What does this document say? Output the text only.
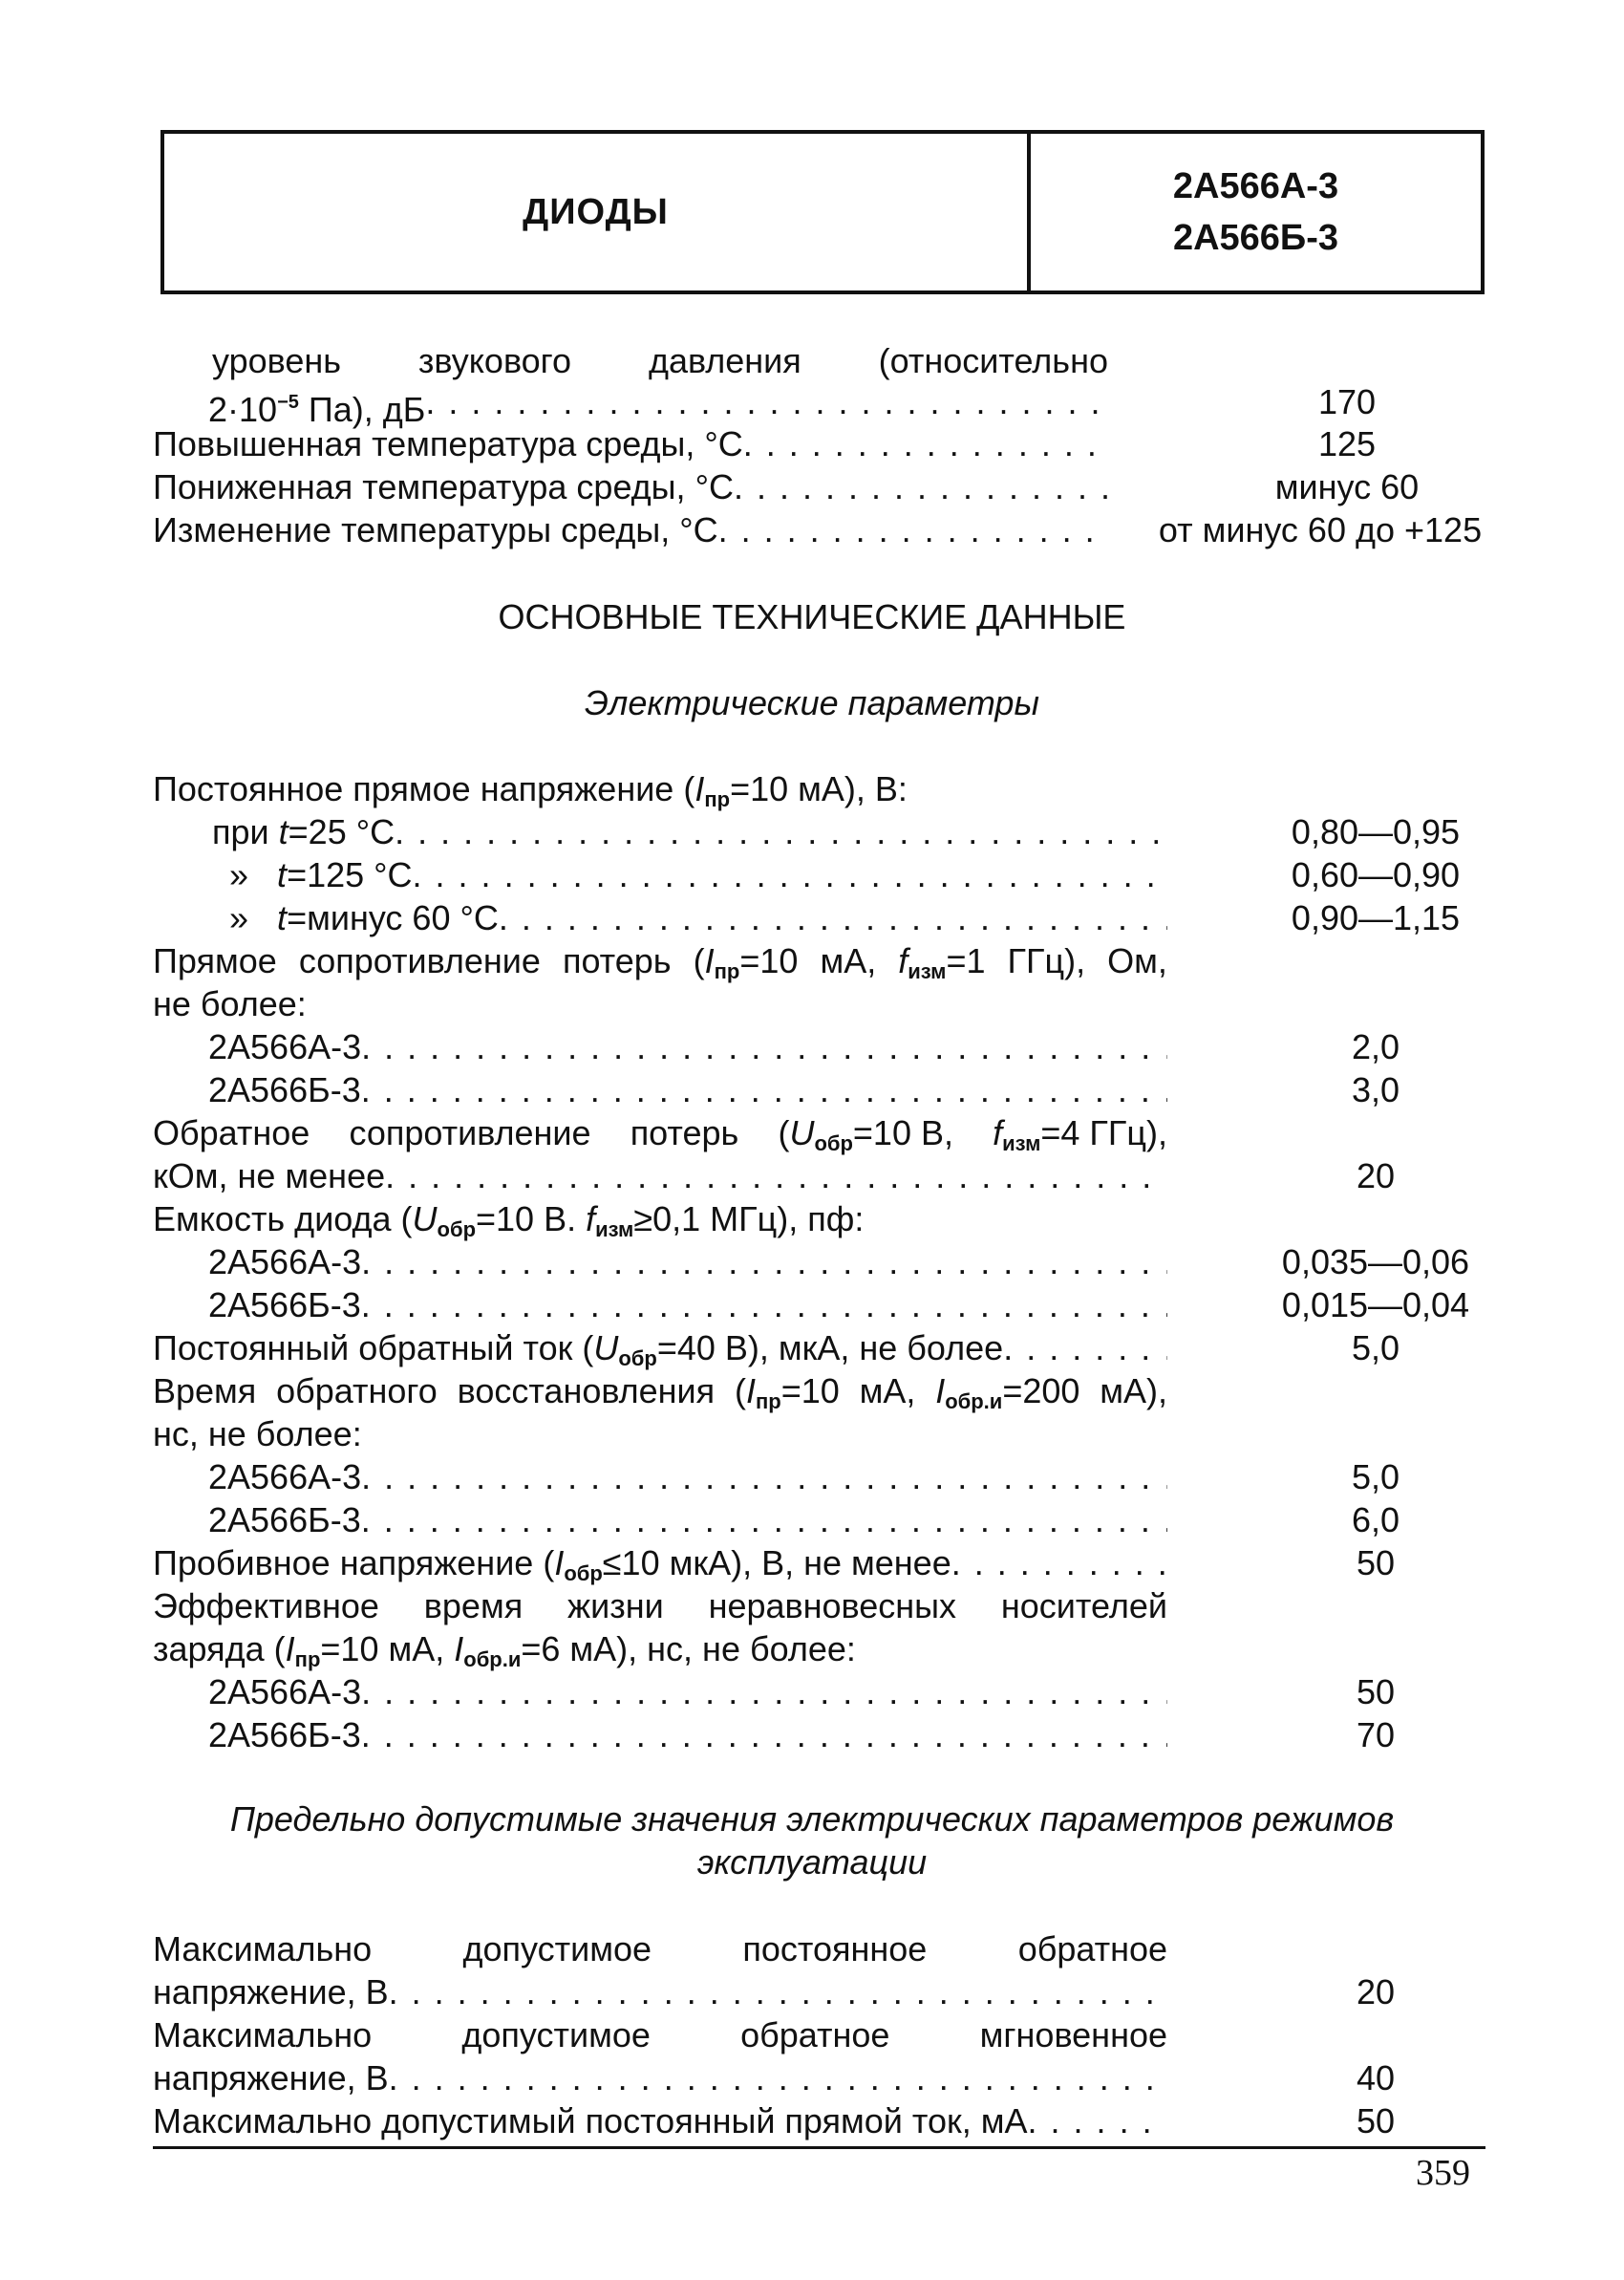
ДИОДЫ
2А566А-3
2А566Б-3
уровень звукового давления (относительно
$2\cdot 10^{-5}$ Па), дБ . . .	170
Повышенная температура среды, °С . . .	125
Пониженная температура среды, °С . . .	минус 60
Изменение температуры среды, °С . . .	от минус 60 до +125
ОСНОВНЫЕ ТЕХНИЧЕСКИЕ ДАННЫЕ
Электрические параметры
Постоянное прямое напряжение ($I_{пр}=10$ мА), В:
при t=25 °С . . .	0,80—0,95
»   t=125 °С . . .	0,60—0,90
»   t=минус 60 °С . . .	0,90—1,15
Прямое сопротивление потерь ($I_{пр}=10$ мА, $f_{изм}=1$ ГГц), Ом,
не более:
2А566А-3 . . .	2,0
2А566Б-3 . . .	3,0
Обратное сопротивление потерь ($U_{обр}=10$ В, $f_{изм}=4$ ГГц),
кОм, не менее . . .	20
Емкость диода ($U_{обр}=10$ В. $f_{изм}\ge 0,1$ МГц), пф:
2А566А-3 . . .	0,035—0,06
2А566Б-3 . . .	0,015—0,04
Постоянный обратный ток ($U_{обр}=40$ В), мкА, не более . . .	5,0
Время обратного восстановления ($I_{пр}=10$ мА, $I_{обр.и}=200$ мА),
нс, не более:
2А566А-3 . . .	5,0
2А566Б-3 . . .	6,0
Пробивное напряжение ($I_{обр}\le 10$ мкА), В, не менее . . .	50
Эффективное время жизни неравновесных носителей
заряда ($I_{пр}=10$ мА, $I_{обр.и}=6$ мА), нс, не более:
2А566А-3 . . .	50
2А566Б-3 . . .	70
Предельно допустимые значения электрических параметров режимов
эксплуатации
Максимально	допустимое	постоянное	обратное
напряжение, В . . .	20
Максимально	допустимое	обратное	мгновенное
напряжение, В . . .	40
Максимально допустимый постоянный прямой ток, мА . . .	50
359
